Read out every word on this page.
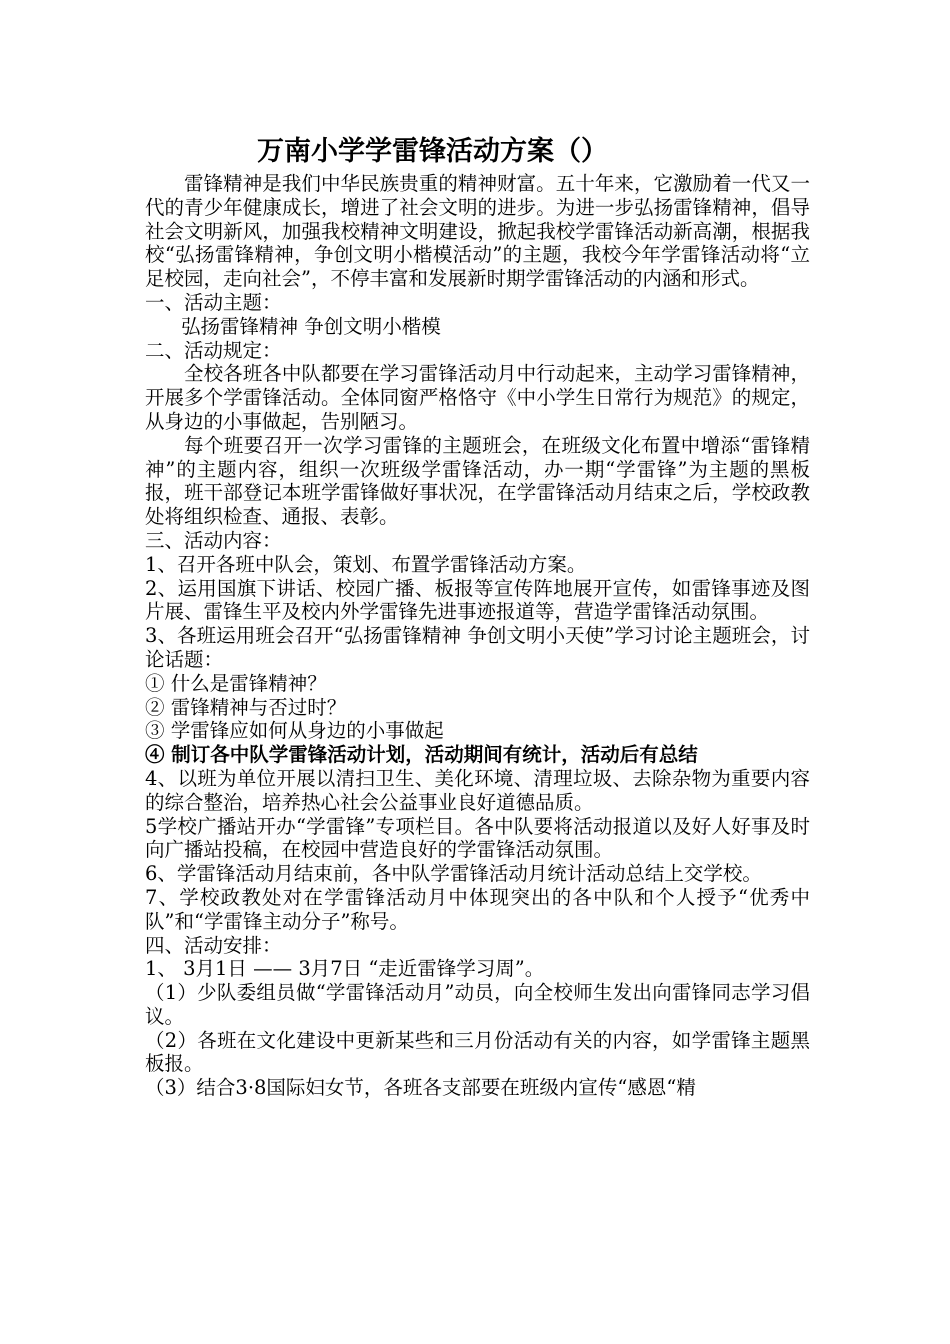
万南小学学雷锋活动方案（）

雷锋精神是我们中华民族贵重的精神财富。五十年来，它激励着一代又一代的青少年健康成长，增进了社会文明的进步。为进一步弘扬雷锋精神，倡导社会文明新风，加强我校精神文明建设，掀起我校学雷锋活动新高潮，根据我校“弘扬雷锋精神，争创文明小楷模活动”的主题，我校今年学雷锋活动将“立足校园，走向社会”，不停丰富和发展新时期学雷锋活动的内涵和形式。

一、活动主题：

弘扬雷锋精神 争创文明小楷模

二、活动规定：

全校各班各中队都要在学习雷锋活动月中行动起来，主动学习雷锋精神，开展多个学雷锋活动。全体同窗严格恪守《中小学生日常行为规范》的规定，从身边的小事做起，告别陋习。

每个班要召开一次学习雷锋的主题班会，在班级文化布置中增添“雷锋精神”的主题内容，组织一次班级学雷锋活动，办一期“学雷锋”为主题的黑板报，班干部登记本班学雷锋做好事状况，在学雷锋活动月结束之后，学校政教处将组织检查、通报、表彰。

三、活动内容：

1、召开各班中队会，策划、布置学雷锋活动方案。

2、运用国旗下讲话、校园广播、板报等宣传阵地展开宣传，如雷锋事迹及图片展、雷锋生平及校内外学雷锋先进事迹报道等，营造学雷锋活动氛围。

3、各班运用班会召开“弘扬雷锋精神 争创文明小天使”学习讨论主题班会，讨论话题：

① 什么是雷锋精神？

② 雷锋精神与否过时？

③ 学雷锋应如何从身边的小事做起

④ 制订各中队学雷锋活动计划，活动期间有统计，活动后有总结

4、以班为单位开展以清扫卫生、美化环境、清理垃圾、去除杂物为重要内容的综合整治，培养热心社会公益事业良好道德品质。

5学校广播站开办“学雷锋”专项栏目。各中队要将活动报道以及好人好事及时向广播站投稿，在校园中营造良好的学雷锋活动氛围。

6、学雷锋活动月结束前，各中队学雷锋活动月统计活动总结上交学校。

7、学校政教处对在学雷锋活动月中体现突出的各中队和个人授予“优秀中队”和“学雷锋主动分子”称号。

四、活动安排：

1、 3月1日 —— 3月7日 “走近雷锋学习周”。

（1）少队委组员做“学雷锋活动月”动员，向全校师生发出向雷锋同志学习倡议。

（2）各班在文化建设中更新某些和三月份活动有关的内容，如学雷锋主题黑板报。

（3）结合3·8国际妇女节，各班各支部要在班级内宣传“感恩“精
